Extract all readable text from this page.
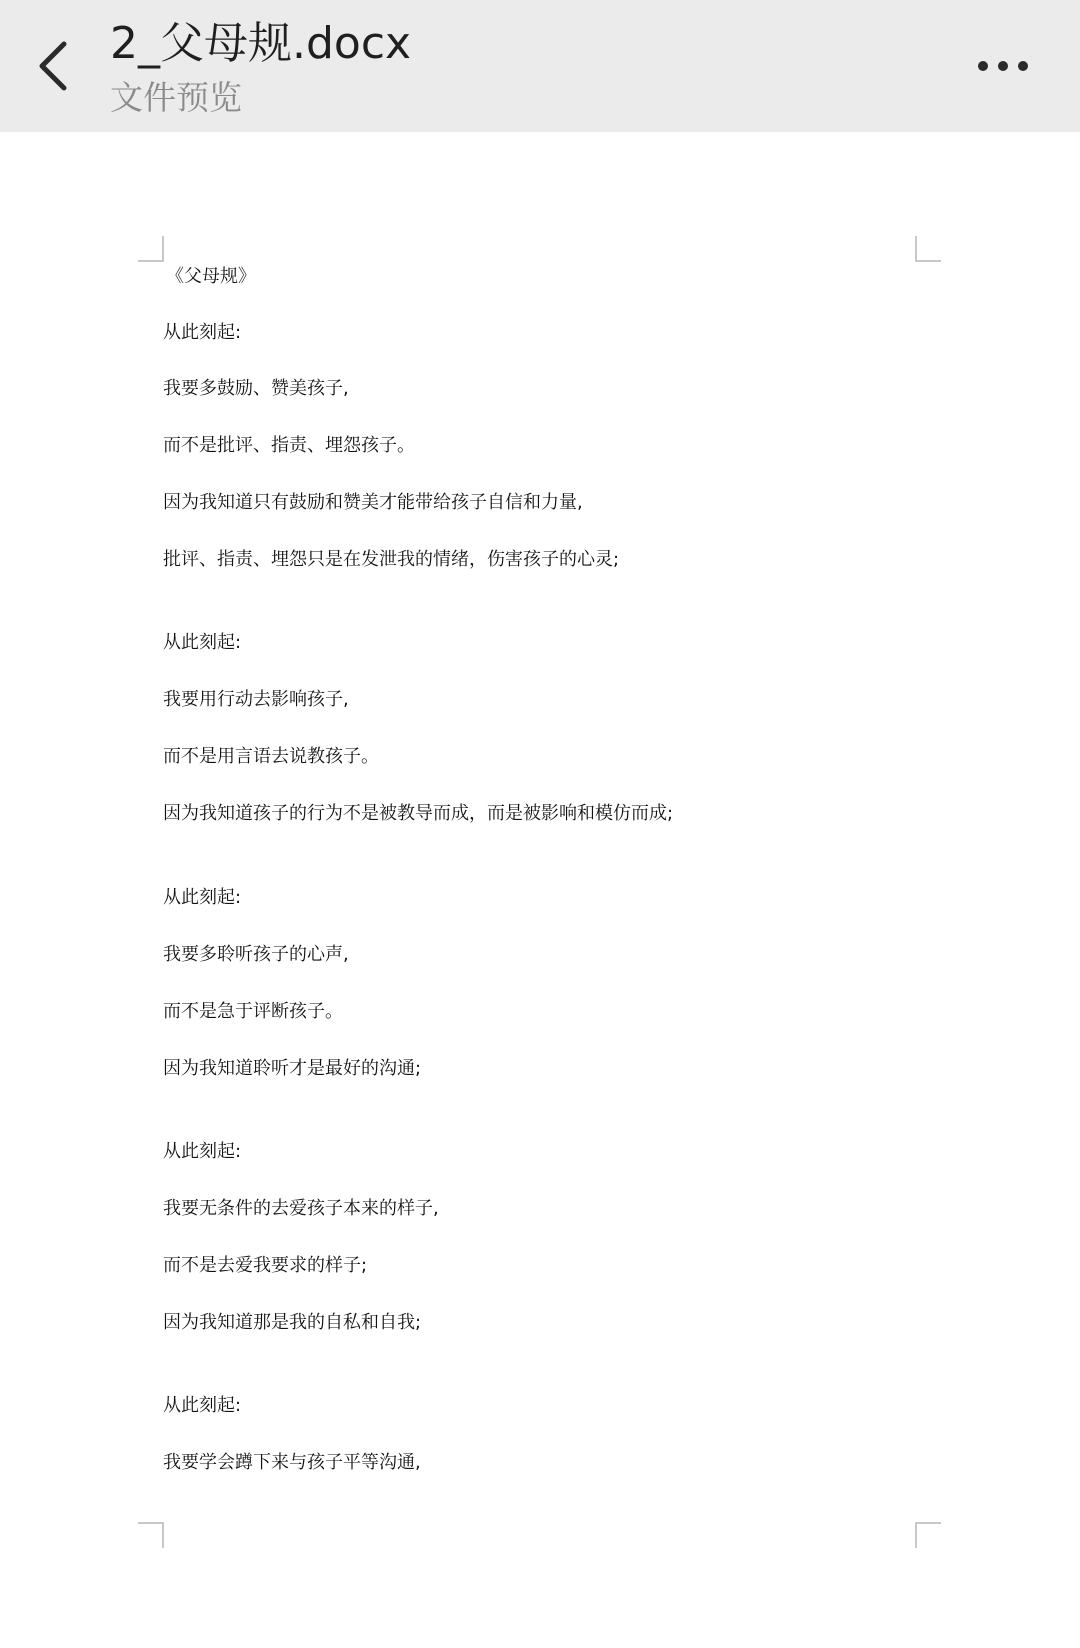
2_父母规.docx
文件预览
《父母规》
从此刻起:
我要多鼓励、赞美孩子,
而不是批评、指责、埋怨孩子。
因为我知道只有鼓励和赞美才能带给孩子自信和力量,
批评、指责、埋怨只是在发泄我的情绪，伤害孩子的心灵;
从此刻起:
我要用行动去影响孩子,
而不是用言语去说教孩子。
因为我知道孩子的行为不是被教导而成，而是被影响和模仿而成;
从此刻起:
我要多聆听孩子的心声,
而不是急于评断孩子。
因为我知道聆听才是最好的沟通;
从此刻起:
我要无条件的去爱孩子本来的样子,
而不是去爱我要求的样子;
因为我知道那是我的自私和自我;
从此刻起:
我要学会蹲下来与孩子平等沟通,
